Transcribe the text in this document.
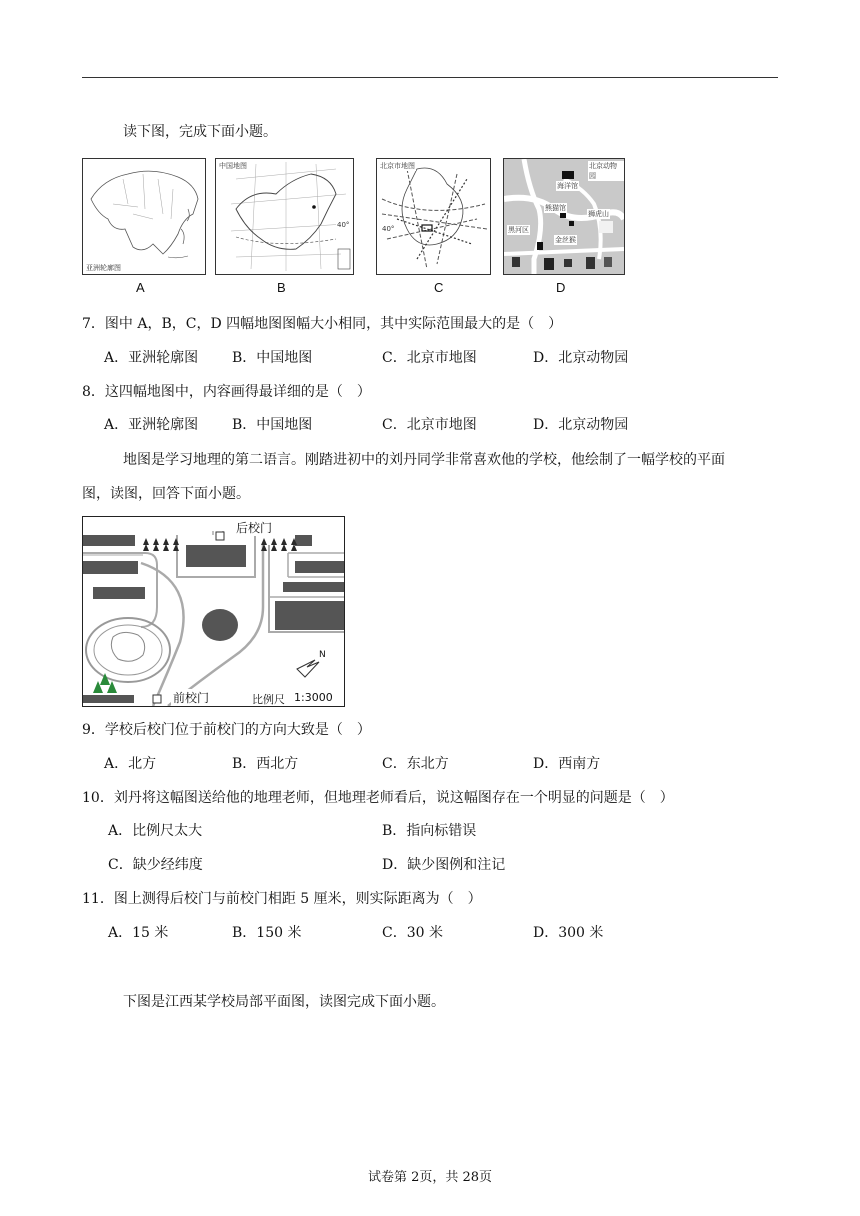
读下图，完成下面小题。
亚洲轮廓图
A
中国地图
40°
B
北京市地图
40°
C
北京动物园
海洋馆
狮虎山
熊猫馆
金丝猴
黑河区
D
7．图中 A，B，C，D 四幅地图图幅大小相同，其中实际范围最大的是（　）
A．亚洲轮廓图 B．中国地图	C．北京市地图	D．北京动物园
8．这四幅地图中，内容画得最详细的是（　）
A．亚洲轮廓图 B．中国地图	C．北京市地图	D．北京动物园
地图是学习地理的第二语言。刚踏进初中的刘丹同学非常喜欢他的学校，他绘制了一幅学校的平面
图，读图，回答下面小题。
后校门
前校门	比例尺 1:3000
N
9．学校后校门位于前校门的方向大致是（　）
A．北方	B．西北方	C．东北方	D．西南方
10．刘丹将这幅图送给他的地理老师，但地理老师看后，说这幅图存在一个明显的问题是（　）
A．比例尺太大	B．指向标错误
C．缺少经纬度	D．缺少图例和注记
11．图上测得后校门与前校门相距 5 厘米，则实际距离为（　）
A．15 米	B．150 米	C．30 米	D．300 米
下图是江西某学校局部平面图，读图完成下面小题。
试卷第 2页，共 28页
